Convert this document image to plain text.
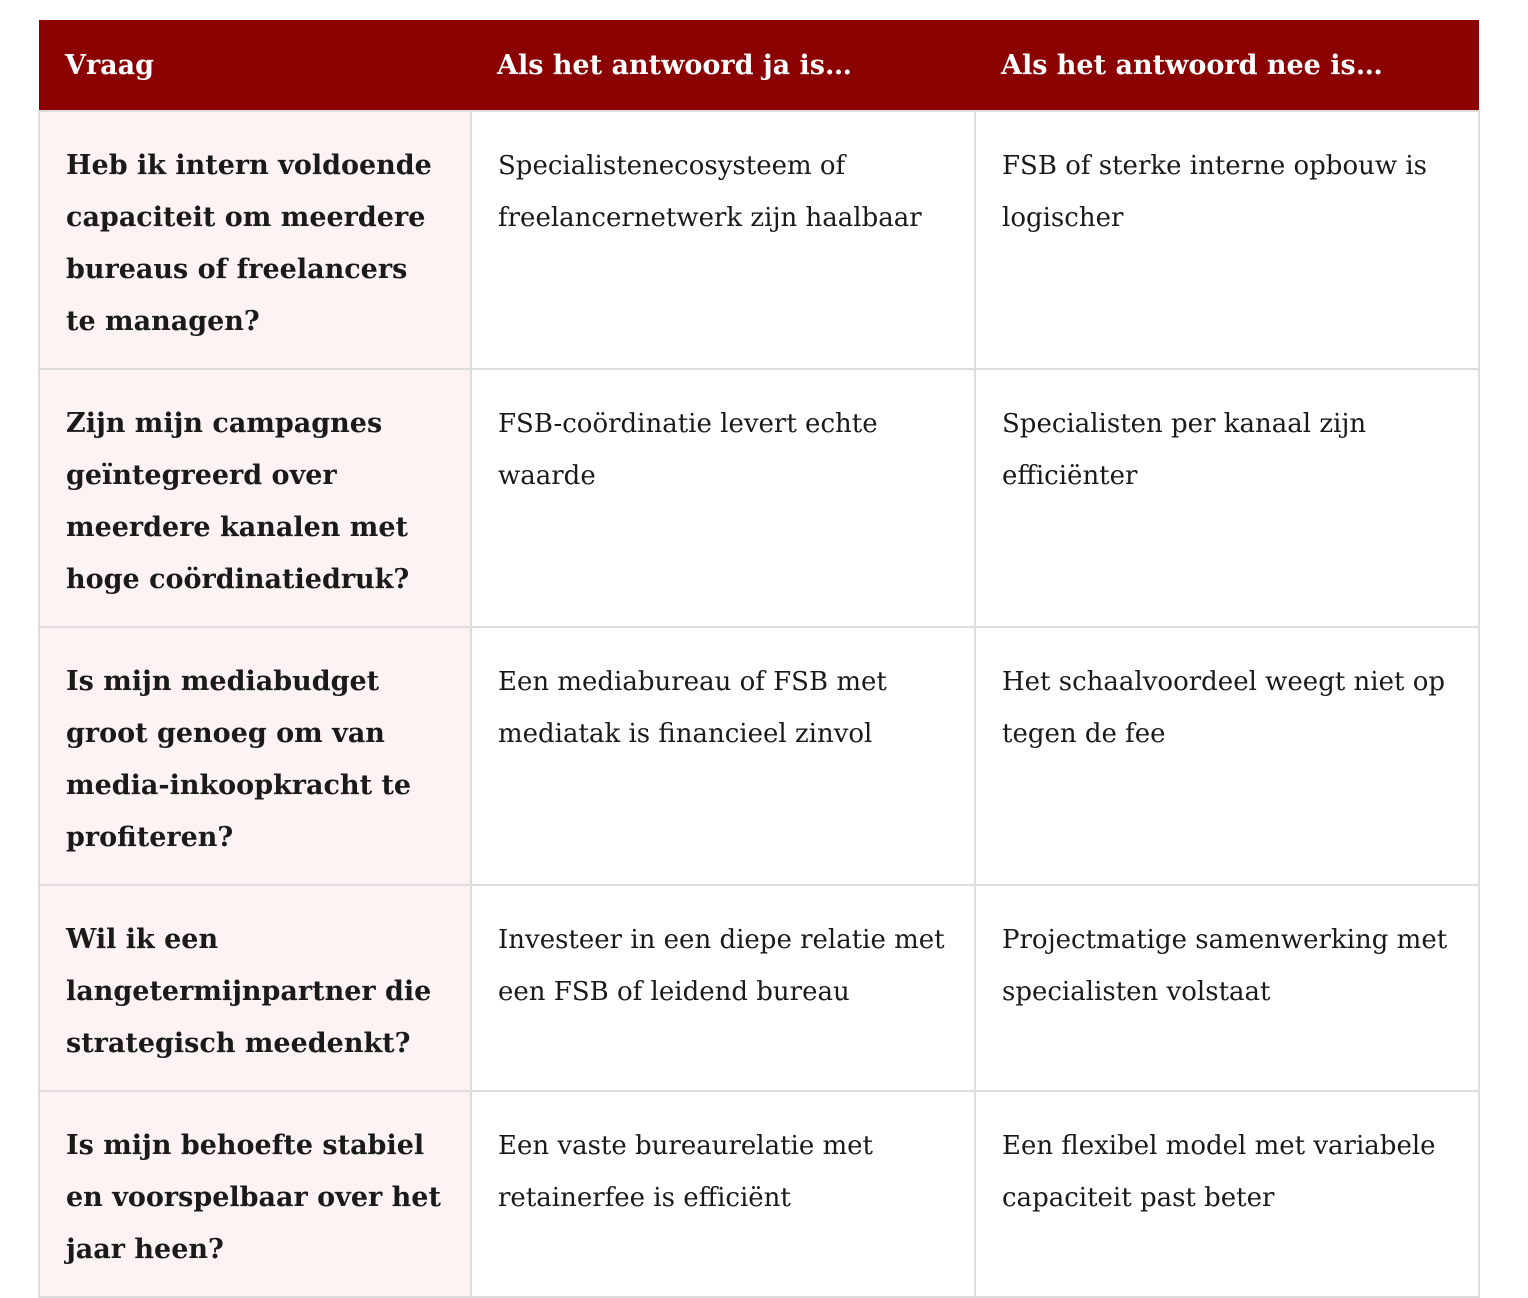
Vraag	Als het antwoord ja is…	Als het antwoord nee is…
Heb ik intern voldoende capaciteit om meerdere bureaus of freelancers te managen?	Specialistenecosysteem of freelancernetwerk zijn haalbaar	FSB of sterke interne opbouw is logischer
Zijn mijn campagnes geïntegreerd over meerdere kanalen met hoge coördinatiedruk?	FSB-coördinatie levert echte waarde	Specialisten per kanaal zijn efficiënter
Is mijn mediabudget groot genoeg om van media-inkoopkracht te profiteren?	Een mediabureau of FSB met mediatak is financieel zinvol	Het schaalvoordeel weegt niet op tegen de fee
Wil ik een langetermijnpartner die strategisch meedenkt?	Investeer in een diepe relatie met een FSB of leidend bureau	Projectmatige samenwerking met specialisten volstaat
Is mijn behoefte stabiel en voorspelbaar over het jaar heen?	Een vaste bureaurelatie met retainerfee is efficiënt	Een flexibel model met variabele capaciteit past beter
